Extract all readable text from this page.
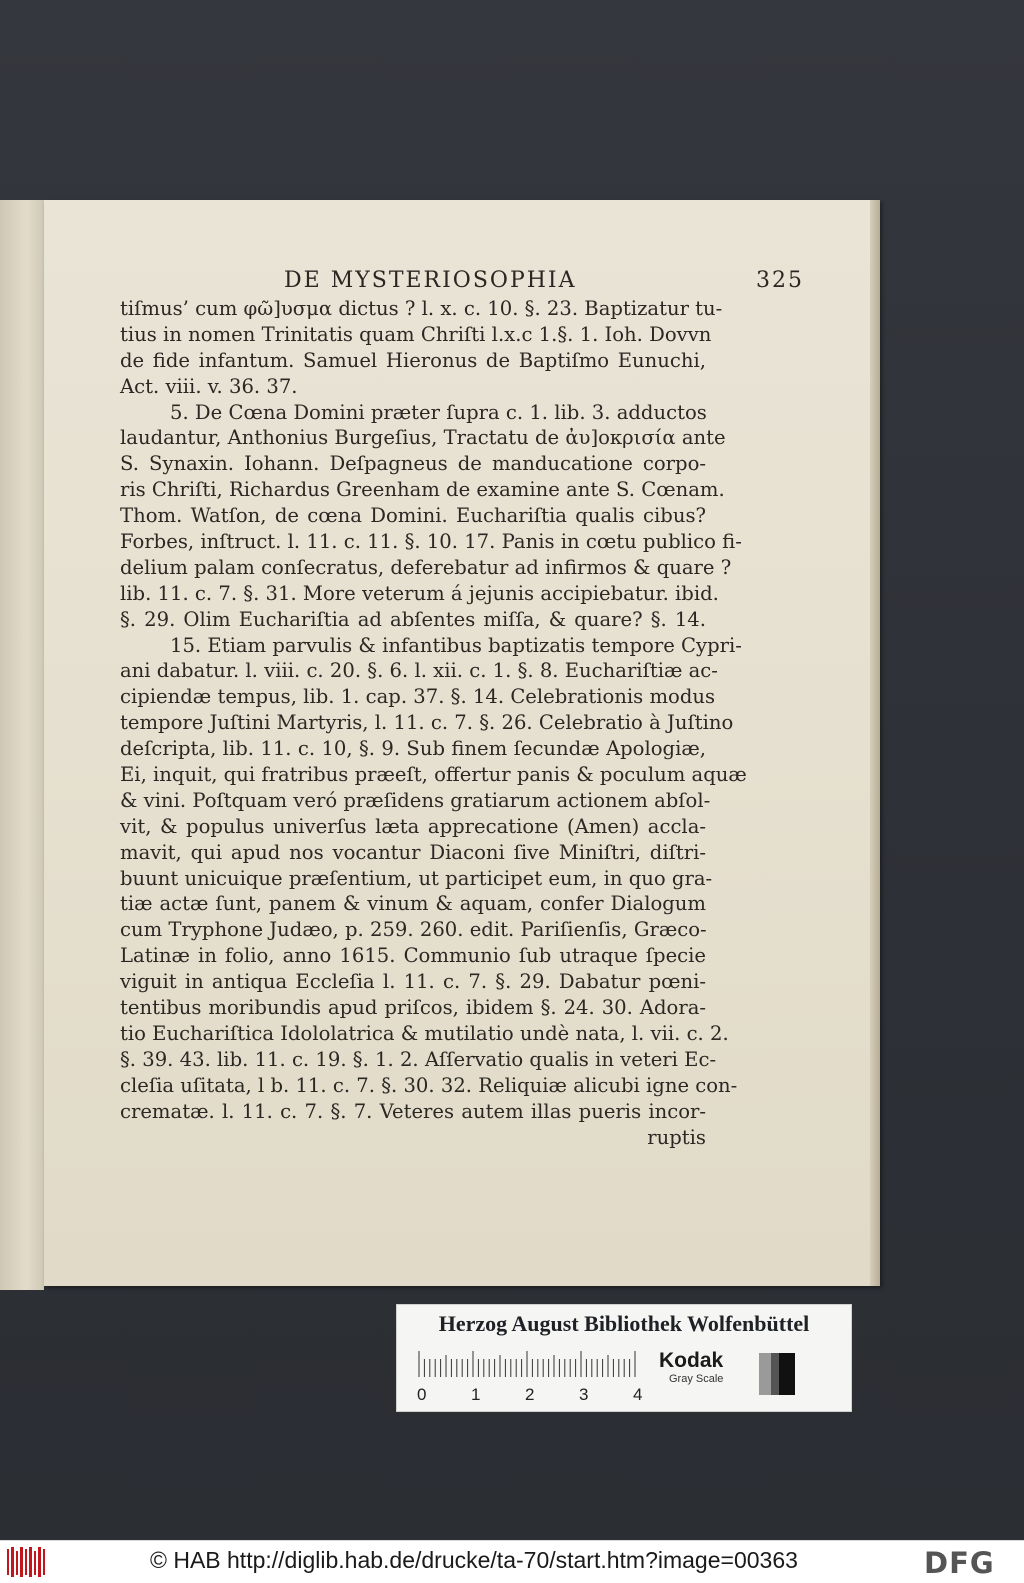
DE MYSTERIOSOPHIA	325
tiſmus’ cum φῶ]υσμα dictus ? l. x. c. 10. §. 23. Baptizatur tu-
tius in nomen Trinitatis quam Chriſti l.x.c 1.§. 1. Ioh. Dovvn
de fide infantum. Samuel Hieronus de Baptiſmo Eunuchi,
Act. viii. v. 36. 37.
5. De Cœna Domini præter ſupra c. 1. lib. 3. adductos
laudantur, Anthonius Burgeſius, Tractatu de ἀυ]οκρισία ante
S. Synaxin. Iohann. Deſpagneus de manducatione corpo-
ris Chriſti, Richardus Greenham de examine ante S. Cœnam.
Thom. Watſon, de cœna Domini. Euchariſtia qualis cibus?
Forbes, inſtruct. l. 11. c. 11. §. 10. 17. Panis in cœtu publico fi-
delium palam conſecratus, deferebatur ad infirmos & quare ?
lib. 11. c. 7. §. 31. More veterum á jejunis accipiebatur. ibid.
§. 29. Olim Euchariſtia ad abſentes miſſa, & quare? §. 14.
15. Etiam parvulis & infantibus baptizatis tempore Cypri-
ani dabatur. l. viii. c. 20. §. 6. l. xii. c. 1. §. 8. Euchariſtiæ ac-
cipiendæ tempus, lib. 1. cap. 37. §. 14. Celebrationis modus
tempore Juſtini Martyris, l. 11. c. 7. §. 26. Celebratio à Juſtino
deſcripta, lib. 11. c. 10, §. 9. Sub finem ſecundæ Apologiæ,
Ei, inquit, qui fratribus præeſt, offertur panis & poculum aquæ
& vini. Poſtquam veró præſidens gratiarum actionem abſol-
vit, & populus univerſus læta apprecatione (Amen) accla-
mavit, qui apud nos vocantur Diaconi ſive Miniſtri, diſtri-
buunt unicuique præſentium, ut participet eum, in quo gra-
tiæ actæ ſunt, panem & vinum & aquam, confer Dialogum
cum Tryphone Judæo, p. 259. 260. edit. Pariſienſis, Græco-
Latinæ in folio, anno 1615. Communio ſub utraque ſpecie
viguit in antiqua Eccleſia l. 11. c. 7. §. 29. Dabatur pœni-
tentibus moribundis apud priſcos, ibidem §. 24. 30. Adora-
tio Euchariſtica Idololatrica & mutilatio undè nata, l. vii. c. 2.
§. 39. 43. lib. 11. c. 19. §. 1. 2. Aſſervatio qualis in veteri Ec-
cleſia uſitata, l b. 11. c. 7. §. 30. 32. Reliquiæ alicubi igne con-
crematæ. l. 11. c. 7. §. 7. Veteres autem illas pueris incor-
ruptis
Herzog August Bibliothek Wolfenbüttel
0	1	2	3	4
Kodak
Gray Scale
© HAB http://diglib.hab.de/drucke/ta-70/start.htm?image=00363	DFG
